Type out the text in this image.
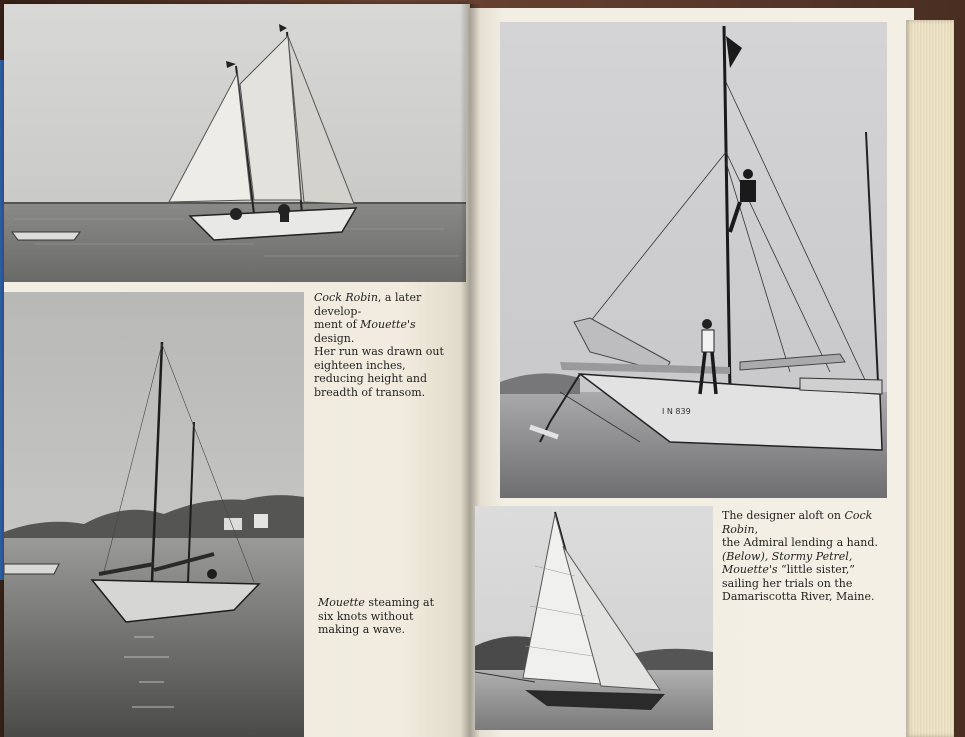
Cock Robin, a later develop-
ment of Mouette's design.
Her run was drawn out eighteen inches, reducing height and breadth of transom.
Mouette steaming at six knots without making a wave.
I N 839
The designer aloft on Cock Robin,
the Admiral lending a hand.
(Below), Stormy Petrel,
Mouette's “little sister,”
sailing her trials on the
Damariscotta River, Maine.
